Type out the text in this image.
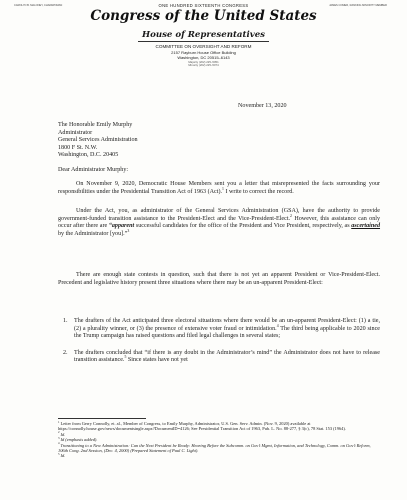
CAROLYN B. MALONEY, CHAIRWOMAN	JAMES COMER, RANKING MINORITY MEMBER
ONE HUNDRED SIXTEENTH CONGRESS
Congress of the United States
House of Representatives
COMMITTEE ON OVERSIGHT AND REFORM
2157 Rayburn House Office Building
Washington, DC 20515–6143
Majority (202) 225–5051
Minority (202) 225–5074
November 13, 2020
The Honorable Emily Murphy
Administrator
General Services Administration
1800 F St. N.W.
Washington, D.C. 20405
Dear Administrator Murphy:

On November 9, 2020, Democratic House Members sent you a letter that misrepresented the facts surrounding your responsibilities under the Presidential Transition Act of 1963 (Act).$^1$ I write to correct the record.

Under the Act, you, as administrator of the General Services Administration (GSA), have the authority to provide government-funded transition assistance to the President-Elect and the Vice-President-Elect.$^2$ However, this assistance can only occur after there are “apparent successful candidates for the office of the President and Vice President, respectively, as ascertained by the Administrator [you].”$^3$

There are enough state contests in question, such that there is not yet an apparent President or Vice-President-Elect. Precedent and legislative history present three situations where there may be an un-apparent President-Elect:

1.	The drafters of the Act anticipated three electoral situations where there would be an un-apparent President-Elect: (1) a tie, (2) a plurality winner, or (3) the presence of extensive voter fraud or intimidation.$^4$ The third being applicable to 2020 since the Trump campaign has raised questions and filed legal challenges in several states;
2.	The drafters concluded that “if there is any doubt in the Administrator’s mind” the Administrator does not have to release transition assistance.$^5$ Since states have not yet

$^1$Letter from Gerry Connolly, et. al., Member of Congress, to Emily Murphy, Administrator, U.S. Gen. Serv. Admin. (Nov. 9, 2020) available at https://connolly.house.gov/news/documentsingle.aspx?DocumentID=4126; See Presidential Transition Act of 1963, Pub. L. No. 88-277, § 3(c), 78 Stat. 153 (1964).

$^2$Id.

$^3$Id (emphasis added).

$^4$Transitioning to a New Administration: Can the Next President be Ready: Hearing Before the Subcomm. on Gov’t Mgmt, Information, and Technology, Comm. on Gov’t Reform, 106th Cong. 2nd Session, (Dec. 4, 2000) (Prepared Statement of Paul C. Light).

$^5$Id.
